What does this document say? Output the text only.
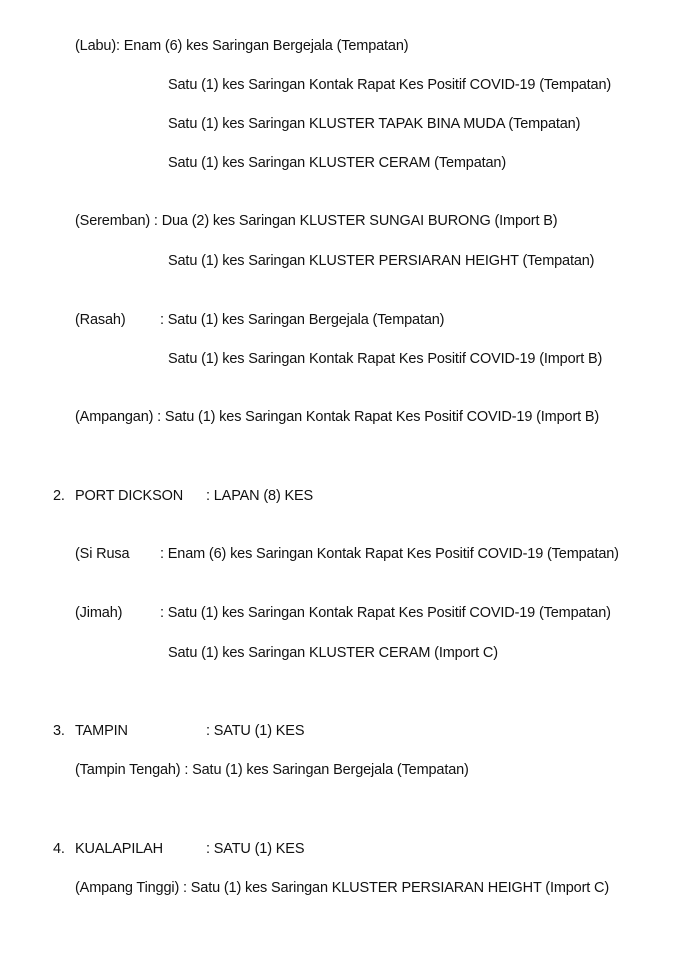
(Labu): Enam (6) kes Saringan Bergejala (Tempatan)
Satu (1) kes Saringan Kontak Rapat Kes Positif COVID-19 (Tempatan)
Satu (1) kes Saringan KLUSTER TAPAK BINA MUDA (Tempatan)
Satu (1) kes Saringan KLUSTER CERAM (Tempatan)
(Seremban) : Dua (2) kes Saringan KLUSTER SUNGAI BURONG (Import B)
Satu (1) kes Saringan KLUSTER PERSIARAN HEIGHT (Tempatan)
(Rasah) : Satu (1) kes Saringan Bergejala (Tempatan)
Satu (1) kes Saringan Kontak Rapat Kes Positif COVID-19 (Import B)
(Ampangan) : Satu (1) kes Saringan Kontak Rapat Kes Positif COVID-19 (Import B)
2. PORT DICKSON : LAPAN (8) KES
(Si Rusa : Enam (6) kes Saringan Kontak Rapat Kes Positif COVID-19 (Tempatan)
(Jimah)	: Satu (1) kes Saringan Kontak Rapat Kes Positif COVID-19 (Tempatan)
Satu (1) kes Saringan KLUSTER CERAM (Import C)
3. TAMPIN	: SATU (1) KES
(Tampin Tengah) : Satu (1) kes Saringan Bergejala (Tempatan)
4. KUALAPILAH	: SATU (1) KES
(Ampang Tinggi) : Satu (1) kes Saringan KLUSTER PERSIARAN HEIGHT (Import C)
